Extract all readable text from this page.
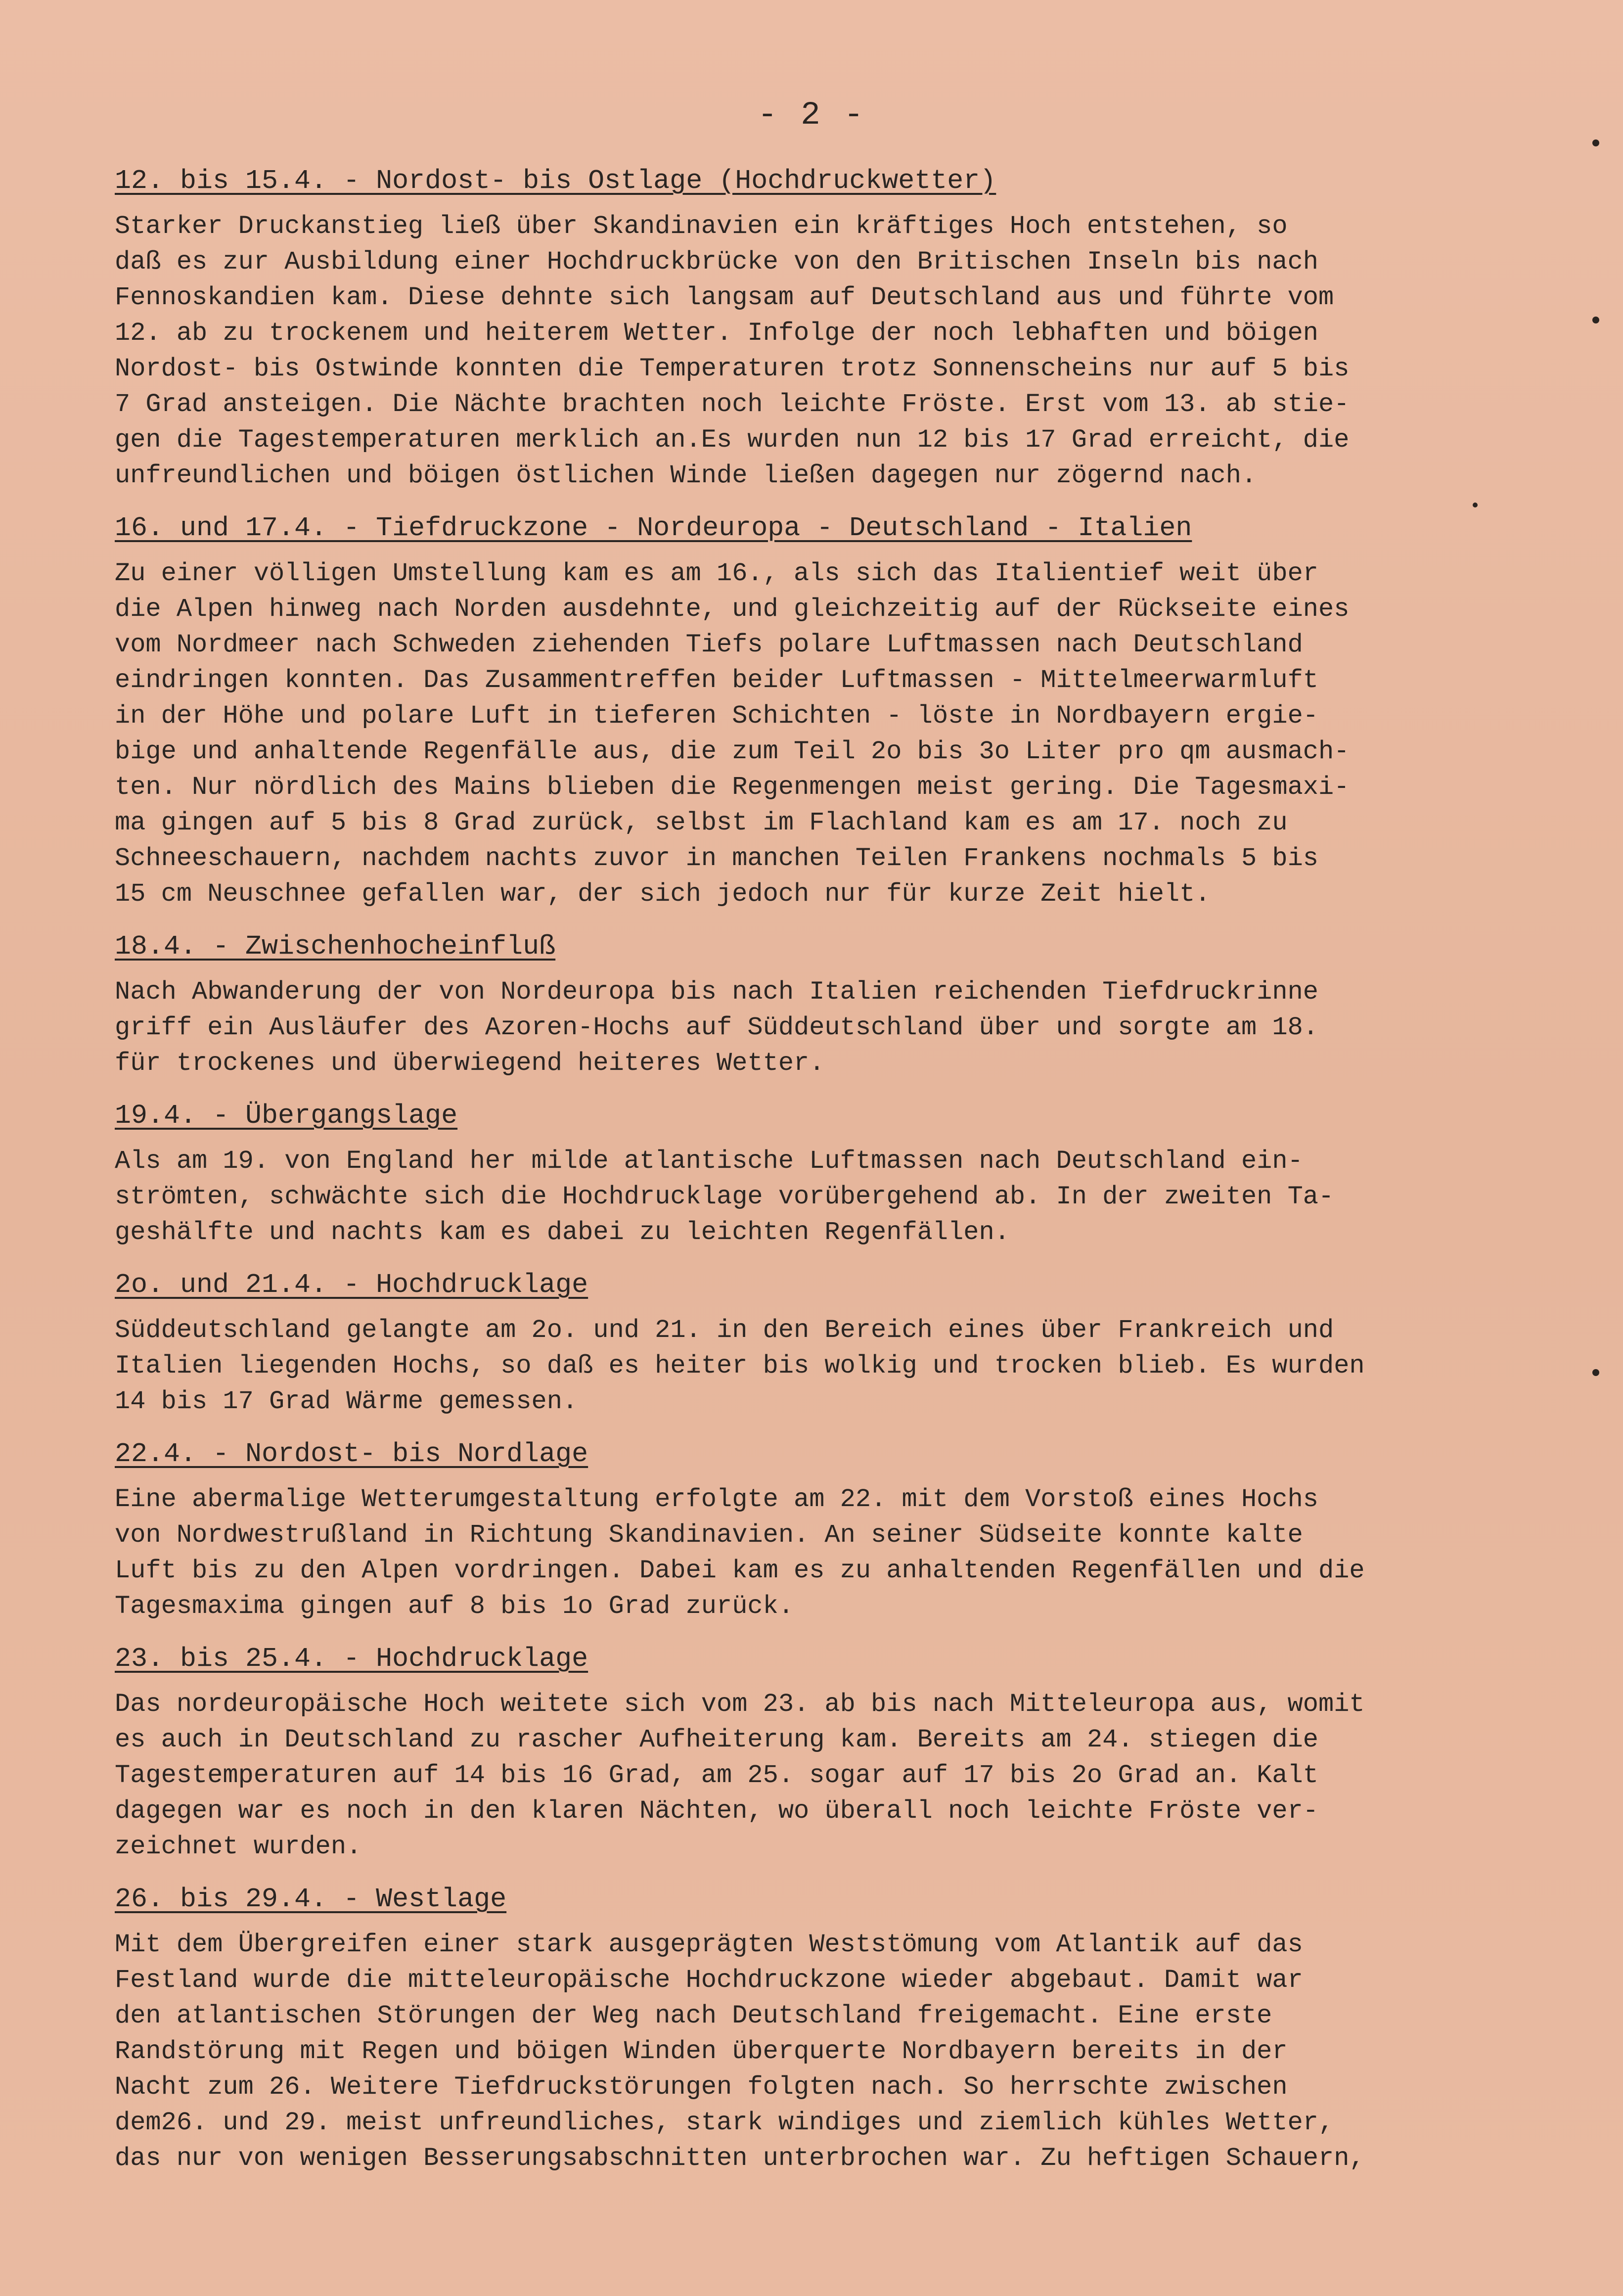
- 2 -
12. bis 15.4. - Nordost- bis Ostlage (Hochdruckwetter)
Starker Druckanstieg ließ über Skandinavien ein kräftiges Hoch entstehen, so
daß es zur Ausbildung einer Hochdruckbrücke von den Britischen Inseln bis nach
Fennoskandien kam. Diese dehnte sich langsam auf Deutschland aus und führte vom
12. ab zu trockenem und heiterem Wetter. Infolge der noch lebhaften und böigen
Nordost- bis Ostwinde konnten die Temperaturen trotz Sonnenscheins nur auf 5 bis
7 Grad ansteigen. Die Nächte brachten noch leichte Fröste. Erst vom 13. ab stie-
gen die Tagestemperaturen merklich an.Es wurden nun 12 bis 17 Grad erreicht, die
unfreundlichen und böigen östlichen Winde ließen dagegen nur zögernd nach.
16. und 17.4. - Tiefdruckzone - Nordeuropa - Deutschland - Italien
Zu einer völligen Umstellung kam es am 16., als sich das Italientief weit über
die Alpen hinweg nach Norden ausdehnte, und gleichzeitig auf der Rückseite eines
vom Nordmeer nach Schweden ziehenden Tiefs polare Luftmassen nach Deutschland
eindringen konnten. Das Zusammentreffen beider Luftmassen - Mittelmeerwarmluft
in der Höhe und polare Luft in tieferen Schichten - löste in Nordbayern ergie-
bige und anhaltende Regenfälle aus, die zum Teil 2o bis 3o Liter pro qm ausmach-
ten. Nur nördlich des Mains blieben die Regenmengen meist gering. Die Tagesmaxi-
ma gingen auf 5 bis 8 Grad zurück, selbst im Flachland kam es am 17. noch zu
Schneeschauern, nachdem nachts zuvor in manchen Teilen Frankens nochmals 5 bis
15 cm Neuschnee gefallen war, der sich jedoch nur für kurze Zeit hielt.
18.4. - Zwischenhocheinfluß
Nach Abwanderung der von Nordeuropa bis nach Italien reichenden Tiefdruckrinne
griff ein Ausläufer des Azoren-Hochs auf Süddeutschland über und sorgte am 18.
für trockenes und überwiegend heiteres Wetter.
19.4. - Übergangslage
Als am 19. von England her milde atlantische Luftmassen nach Deutschland ein-
strömten, schwächte sich die Hochdrucklage vorübergehend ab. In der zweiten Ta-
geshälfte und nachts kam es dabei zu leichten Regenfällen.
2o. und 21.4. - Hochdrucklage
Süddeutschland gelangte am 2o. und 21. in den Bereich eines über Frankreich und
Italien liegenden Hochs, so daß es heiter bis wolkig und trocken blieb. Es wurden
14 bis 17 Grad Wärme gemessen.
22.4. - Nordost- bis Nordlage
Eine abermalige Wetterumgestaltung erfolgte am 22. mit dem Vorstoß eines Hochs
von Nordwestrußland in Richtung Skandinavien. An seiner Südseite konnte kalte
Luft bis zu den Alpen vordringen. Dabei kam es zu anhaltenden Regenfällen und die
Tagesmaxima gingen auf 8 bis 1o Grad zurück.
23. bis 25.4. - Hochdrucklage
Das nordeuropäische Hoch weitete sich vom 23. ab bis nach Mitteleuropa aus, womit
es auch in Deutschland zu rascher Aufheiterung kam. Bereits am 24. stiegen die
Tagestemperaturen auf 14 bis 16 Grad, am 25. sogar auf 17 bis 2o Grad an. Kalt
dagegen war es noch in den klaren Nächten, wo überall noch leichte Fröste ver-
zeichnet wurden.
26. bis 29.4. - Westlage
Mit dem Übergreifen einer stark ausgeprägten Weststömung vom Atlantik auf das
Festland wurde die mitteleuropäische Hochdruckzone wieder abgebaut. Damit war
den atlantischen Störungen der Weg nach Deutschland freigemacht. Eine erste
Randstörung mit Regen und böigen Winden überquerte Nordbayern bereits in der
Nacht zum 26. Weitere Tiefdruckstörungen folgten nach. So herrschte zwischen
dem26. und 29. meist unfreundliches, stark windiges und ziemlich kühles Wetter,
das nur von wenigen Besserungsabschnitten unterbrochen war. Zu heftigen Schauern,
